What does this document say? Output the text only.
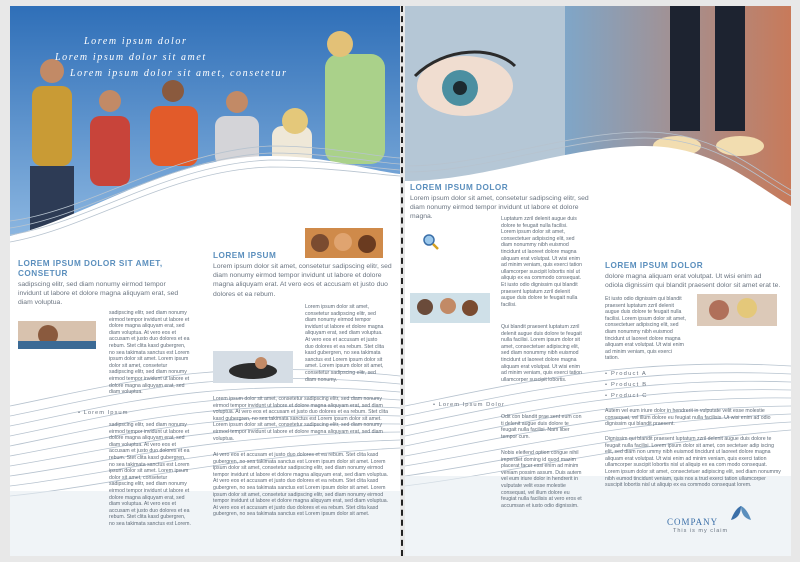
Lorem ipsum dolor

Lorem ipsum dolor sit amet

Lorem ipsum dolor sit amet, consetetur

LOREM IPSUM DOLOR SIT AMET, CONSETUR

sadipscing elitr, sed diam nonumy eirmod tempor invidunt ut labore et dolore magna aliquyam erat, sed diam voluptua.

sadipscing elitr, sed diam nonumy eirmod tempor invidunt ut labore et dolore magna aliquyam erat, sed diam voluptua. At vero eos et accusam et justo duo dolores et ea rebum. Stet clita kasd gubergren, no sea takimata sanctus est Lorem ipsum dolor sit amet. Lorem ipsum dolor sit amet, consetetur sadipscing elitr, sed diam nonumy eirmod tempor invidunt ut labore et dolore magna aliquyam erat, sed diam voluptua.

• Lorem Ipsum

sadipscing elitr, sed diam nonumy eirmod tempor invidunt ut labore et dolore magna aliquyam erat, sed diam voluptua. At vero eos et accusam et justo duo dolores et ea rebum. Stet clita kasd gubergren, no sea takimata sanctus est Lorem ipsum dolor sit amet. Lorem ipsum dolor sit amet, consetetur sadipscing elitr, sed diam nonumy eirmod tempor invidunt ut labore et dolore magna aliquyam erat, sed diam voluptua. At vero eos et accusam et justo duo dolores et ea rebum. Stet clita kasd gubergren, no sea takimata sanctus est Lorem.

LOREM IPSUM

Lorem ipsum dolor sit amet, consetetur sadipscing elitr, sed diam nonumy eirmod tempor invidunt ut labore et dolore magna aliquyam erat. At vero eos et accusam et justo duo dolores et ea rebum.

Lorem ipsum dolor sit amet, consetetur sadipscing elitr, sed diam nonumy eirmod tempor invidunt ut labore et dolore magna aliquyam erat, sed diam voluptua. At vero eos et accusam et justo duo dolores et ea rebum. Stet clita kasd gubergren, no sea takimata sanctus est Lorem ipsum dolor sit amet. Lorem ipsum dolor sit amet, consetetur sadipscing elitr, sed diam nonumy.

Lorem ipsum dolor sit amet, consetetur sadipscing elitr, sed diam nonumy eirmod tempor invidunt ut labore et dolore magna aliquyam erat, sed diam voluptua. At vero eos et accusam et justo duo dolores et ea rebum. Stet clita kasd gubergren, no sea takimata sanctus est Lorem ipsum dolor sit amet. Lorem ipsum dolor sit amet, consetetur sadipscing elitr, sed diam nonumy eirmod tempor invidunt ut labore et dolore magna aliquyam erat, sed diam voluptua.

At vero eos et accusam et justo duo dolores et ea rebum. Stet clita kasd gubergren, no sea takimata sanctus est Lorem ipsum dolor sit amet. Lorem ipsum dolor sit amet, consetetur sadipscing elitr, sed diam nonumy eirmod tempor invidunt ut labore et dolore magna aliquyam erat, sed diam voluptua. At vero eos et accusam et justo duo dolores et ea rebum. Stet clita kasd gubergren, no sea takimata sanctus est Lorem ipsum dolor sit amet. Lorem ipsum dolor sit amet, consetetur sadipscing elitr, sed diam nonumy eirmod tempor invidunt ut labore et dolore magna aliquyam erat, sed diam voluptua. At vero eos et accusam et justo duo dolores et ea rebum. Stet clita kasd gubergren, no sea takimata sanctus est Lorem ipsum dolor sit amet.

LOREM IPSUM DOLOR

Lorem ipsum dolor sit amet, consetetur sadipscing elitr, sed diam nonumy eirmod tempor invidunt ut labore et dolore magna.	Luptatum zzril delenit augue duis dolore te feugait nulla facilisi. Lorem ipsum dolor sit amet, consectetuer adipiscing elit, sed diam nonummy nibh euismod tincidunt ut laoreet dolore magna aliquam erat volutpat. Ut wisi enim ad minim veniam, quis exerci tation ullamcorper suscipit lobortis nisl ut aliquip ex ea commodo consequat. Et iusto odio dignissim qui blandit praesent luptatum zzril delenit augue duis dolore te feugait nulla facilisi.

Qui blandit praesent luptatum zzril delenit augue duis dolore te feugait nulla facilisi. Lorem ipsum dolor sit amet, consectetuer adipiscing elit, sed diam nonummy nibh euismod tincidunt ut laoreet dolore magna aliquam erat volutpat. Ut wisi enim ad minim veniam, quis exerci tation ullamcorper suscipit lobortis.

• Lorem Ipsum Dolor

Odit con blandit prae sent eum con ti delenit augue duis dolore te feugait nulla facilisi. Nam liber tempor cum.

Nobis eleifend option congue nihil imperdiet doming id quod mazim placerat facer essi enim ad minim veniam possim assum. Duis autem vel eum iriure dolor in hendrerit in vulputate velit esse molestie consequat, vel illum dolore eu feugiat nulla facilisis at vero eros et accumsan et iusto odio dignissim.

LOREM IPSUM DOLOR

dolore magna aliquam erat volutpat. Ut wisi enim ad odiola dignissim qui blandit praesent dolor sit amet erat te.

Et iusto odio dignissim qui blandit praesent luptatum zzril delenit augue duis dolore te feugait nulla facilisi. Lorem ipsum dolor sit amet, consectetuer adipiscing elit, sed diam nonummy nibh euismod tincidunt ut laoreet dolore magna aliquam erat volutpat. Ut wisi enim ad minim veniam, quis exerci tation.

• Product A

• Product B

• Product C

Autem vel eum iriure dolor in hendrerit in vulputate velit esse molestie consequat, vel illum dolore eu feugiat nulla facilisis. Ut wisi enim ad odio dignissim qui blandit praesent.

Dignissim qui blandit praesent luptatum zzril delenit augue duis dolore te feugait nulla facilisi. Lorem ipsum dolor sit amet, con sectetuer adip iscing elit, sed diam non ummy nibh euismod tincidunt ut laoreet dolore magna aliquam erat volutpat. Ut wisi enim ad minim veniam, quis exerci tation ullamcorper suscipit lobortis nisl ut aliquip ex ea com modo consequat. Lorem ipsum dolor sit amet, consectetuer adipiscing elit, sed diam nonummy nibh eumod tincidunt veniam, quis nos a trud exerci tation ullamcorper suscipit lobortis nisl ut aliquip ex ea commodo consequat lorem.

COMPANY

This is my claim
